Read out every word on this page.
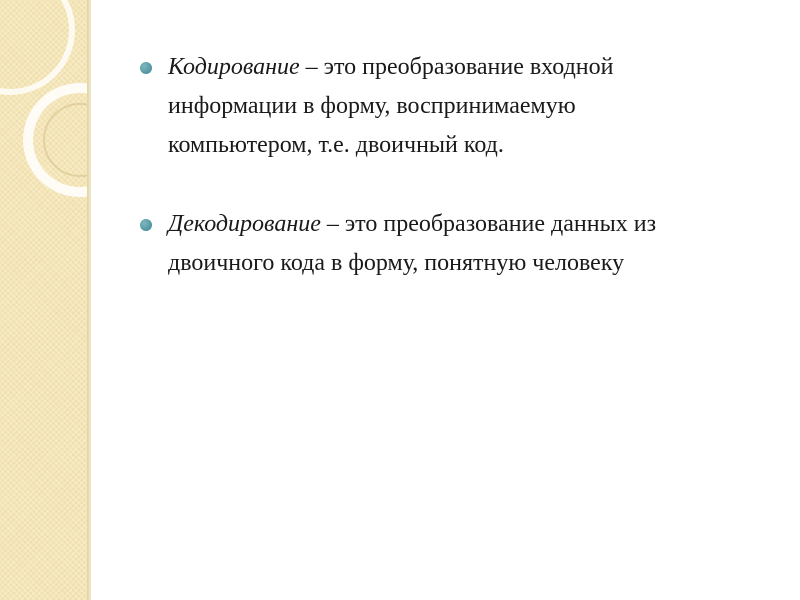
Кодирование – это преобразование входной информации в форму, воспринимаемую компьютером, т.е. двоичный код.
Декодирование – это преобразование данных из двоичного кода в форму, понятную человеку
